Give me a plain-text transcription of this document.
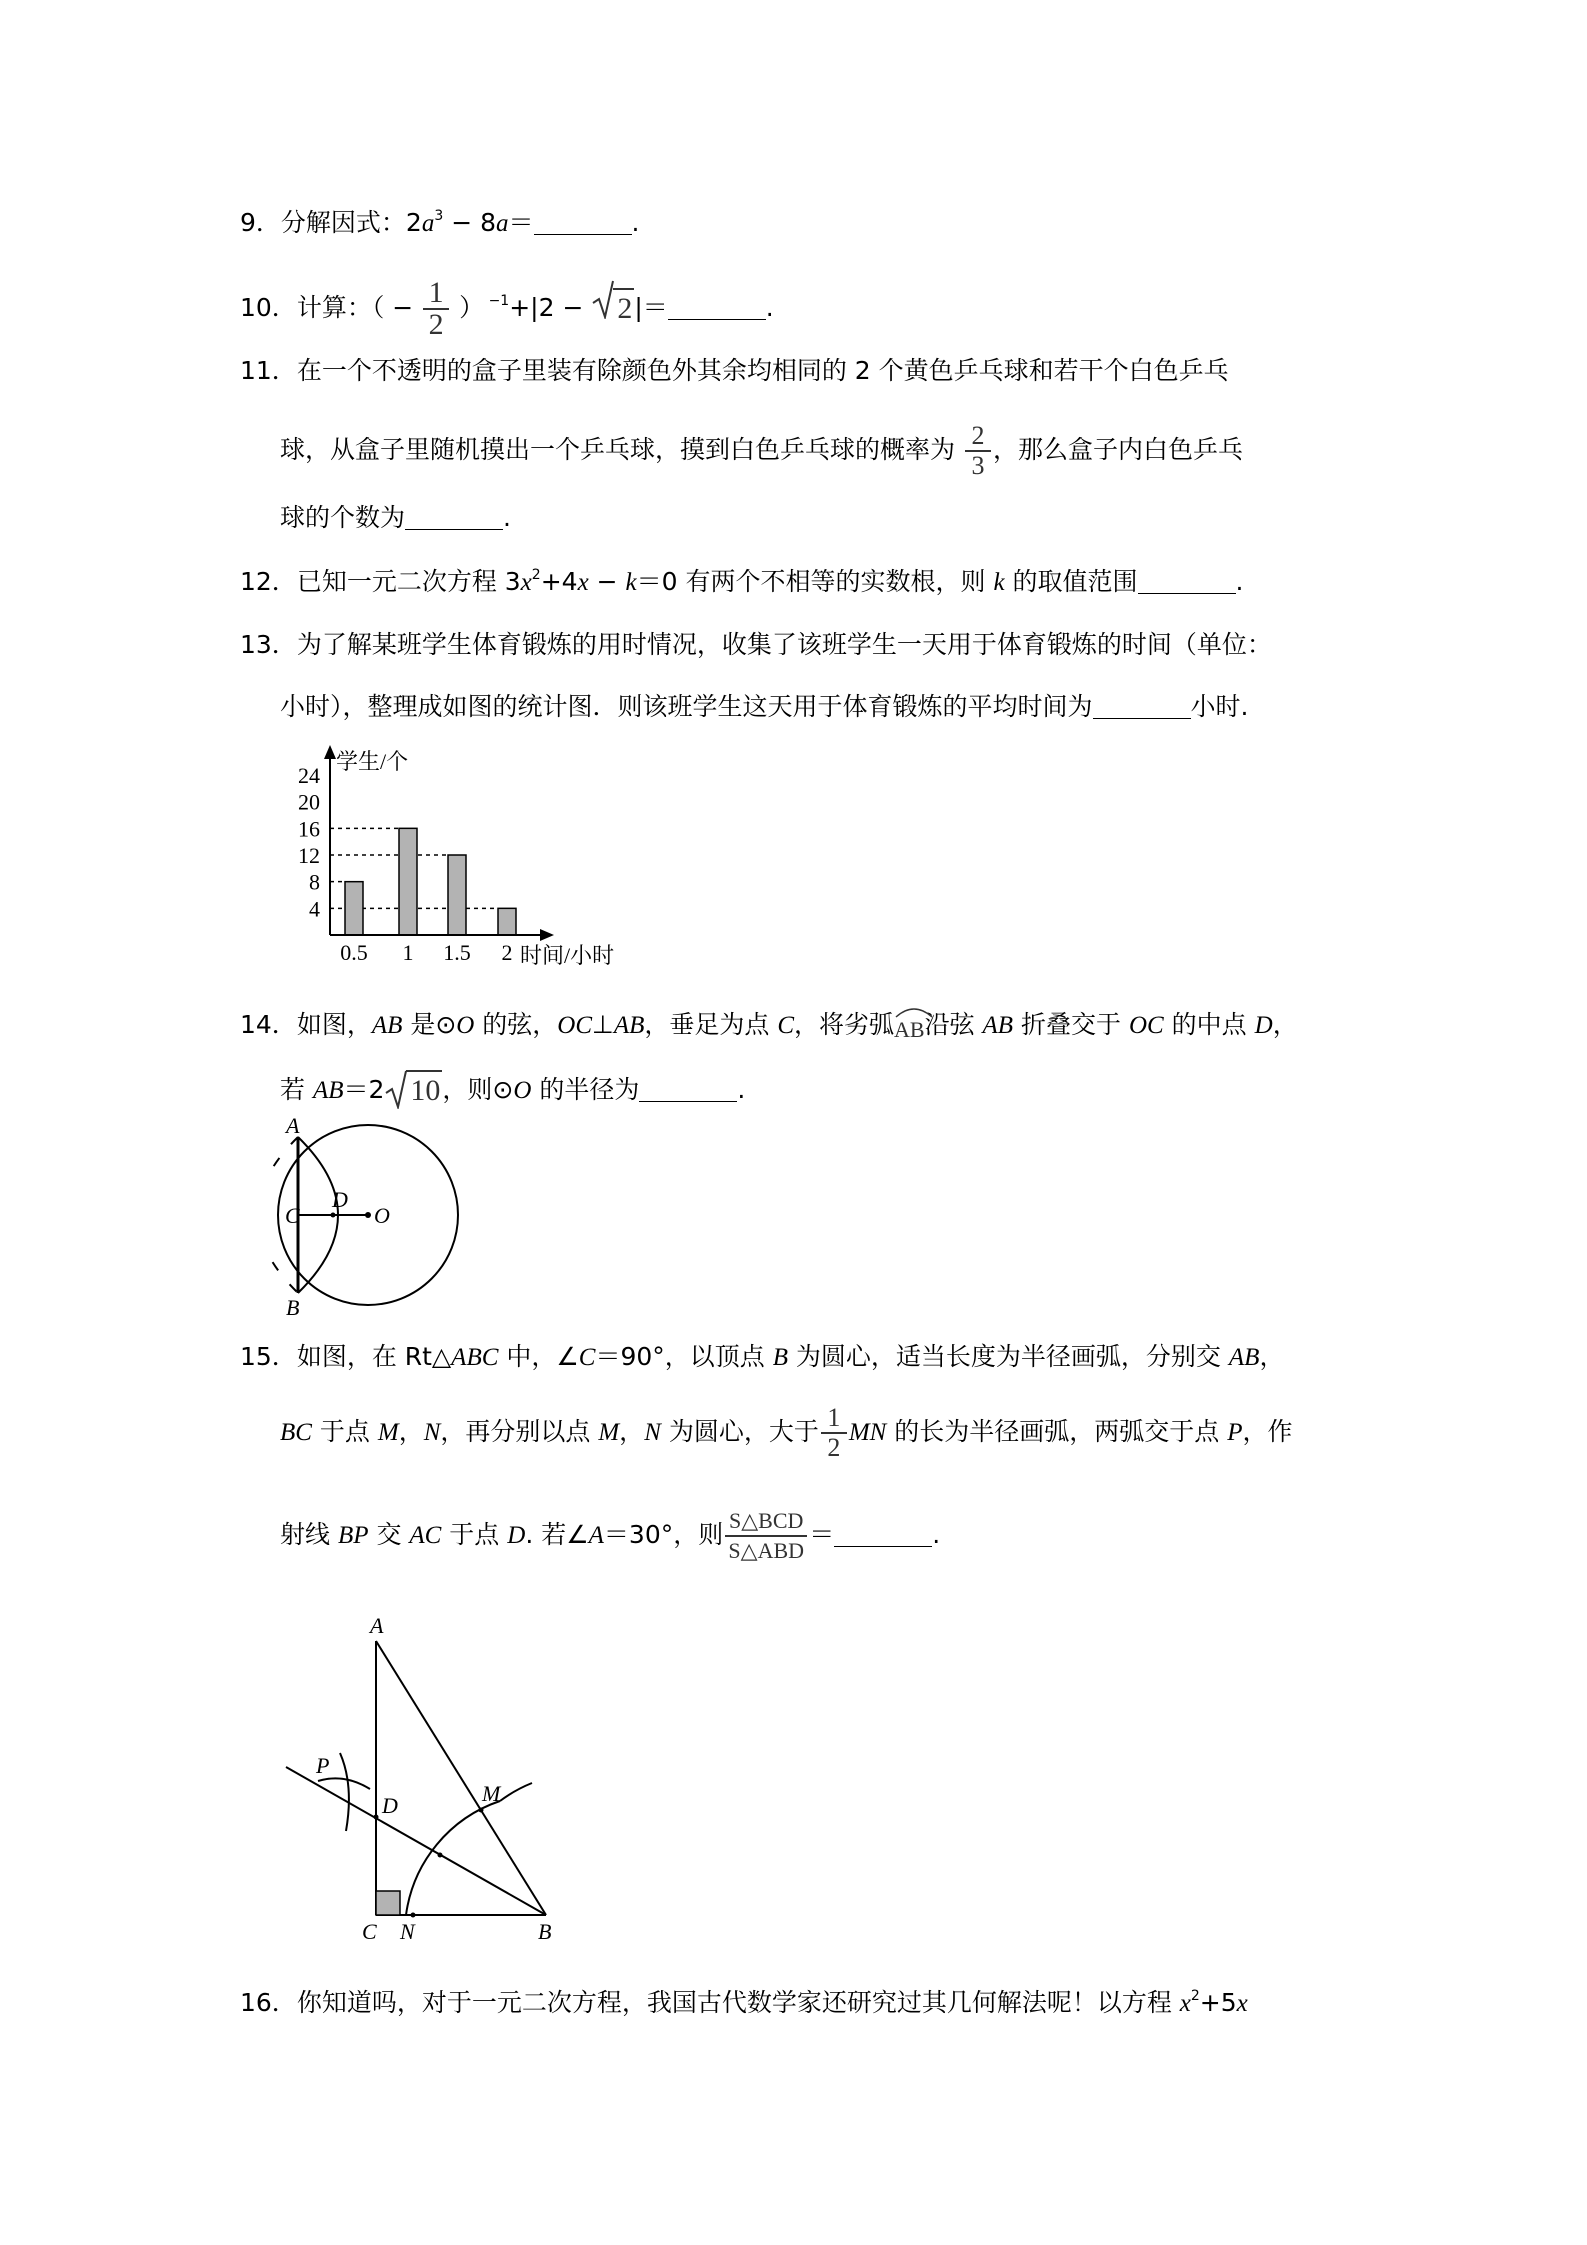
9．分解因式：$2a^3 - 8a=$	.
10．计算：（ − $\frac{1}{2}$ ） $^{-1}$+|2 −
2|＝	.
11．在一个不透明的盒子里装有除颜色外其余均相同的 2 个黄色乒乓球和若干个白色乒乓
球，从盒子里随机摸出一个乒乓球，摸到白色乒乓球的概率为 $\frac{2}{3}$ ，那么盒子内白色乒乓
球的个数为	.
12．已知一元二次方程 $3x^2+4x - k=0$ 有两个不相等的实数根，则 k 的取值范围	.
13．为了解某班学生体育锻炼的用时情况，收集了该班学生一天用于体育锻炼的时间（单位：
小时），整理成如图的统计图．则该班学生这天用于体育锻炼的平均时间为	小时.
24
20
16
12
8
4
0.5 1 1.5 2
学生/个
时间/小时
14．如图，AB 是⊙O 的弦，OC⊥AB，垂足为点 C，将劣弧
AB沿弦 AB 折叠交于 OC 的中点 D，
若 AB＝2 10，则⊙O 的半径为	.
A
B
C
D
O
15．如图，在 Rt△ABC 中，∠C＝90°，以顶点 B 为圆心，适当长度为半径画弧，分别交 AB，
BC 于点 M，N，再分别以点 M，N 为圆心，大于 $\frac{1}{2}$ MN 的长为半径画弧，两弧交于点 P，作
射线 BP 交 AC 于点 D. 若∠A＝30°，则 $\frac{\text{S△BCD}}{\text{S△ABD}}$ ＝	.
A
B
C
D	M
N
P
16．你知道吗，对于一元二次方程，我国古代数学家还研究过其几何解法呢！以方程 $x^2+5x$
